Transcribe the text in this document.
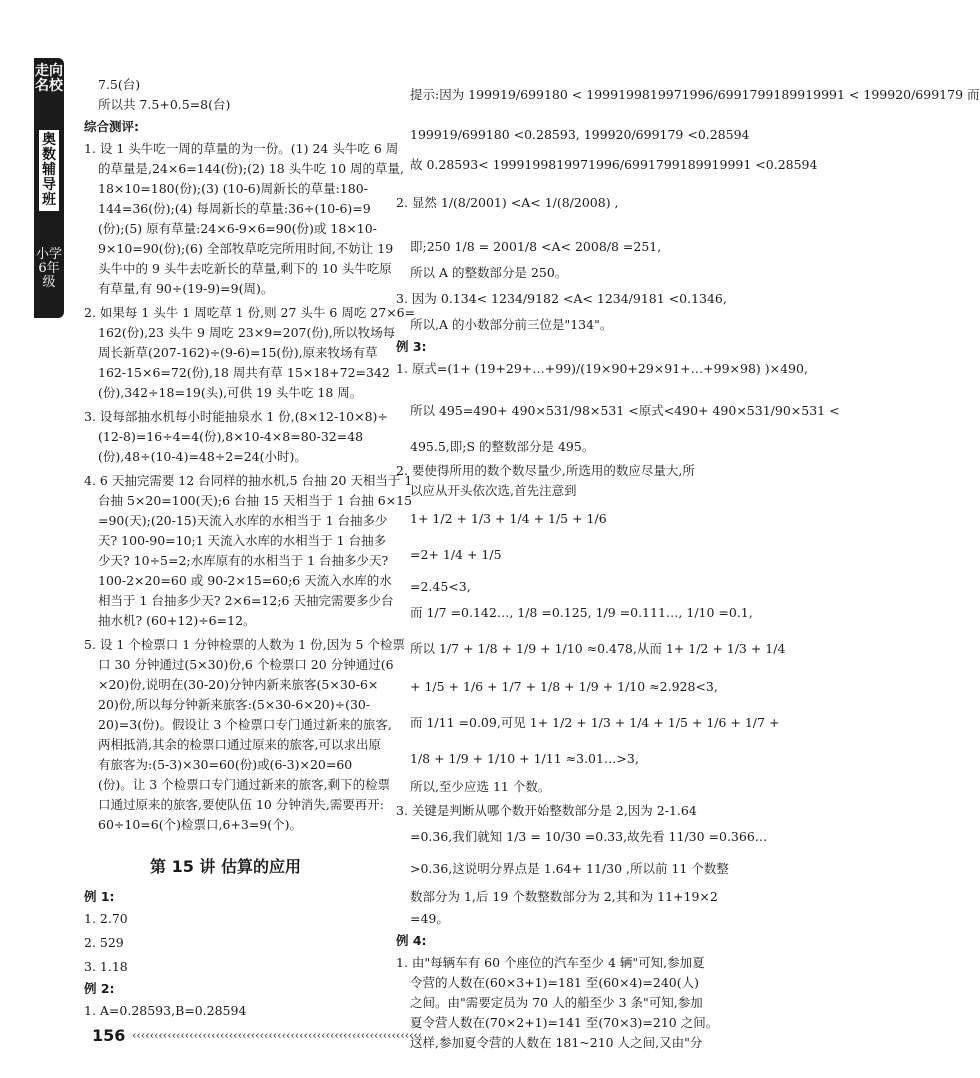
走向名校
奥数辅导班
小学6年级
7.5(台)
所以共 7.5+0.5=8(台)
综合测评:
1. 设 1 头牛吃一周的草量的为一份。(1) 24 头牛吃 6 周
的草量是,24×6=144(份);(2) 18 头牛吃 10 周的草量,
18×10=180(份);(3) (10-6)周新长的草量:180-
144=36(份);(4) 每周新长的草量:36÷(10-6)=9
(份);(5) 原有草量:24×6-9×6=90(份)或 18×10-
9×10=90(份);(6) 全部牧草吃完所用时间,不妨让 19
头牛中的 9 头牛去吃新长的草量,剩下的 10 头牛吃原
有草量,有 90÷(19-9)=9(周)。
2. 如果每 1 头牛 1 周吃草 1 份,则 27 头牛 6 周吃 27×6=
162(份),23 头牛 9 周吃 23×9=207(份),所以牧场每
周长新草(207-162)÷(9-6)=15(份),原来牧场有草
162-15×6=72(份),18 周共有草 15×18+72=342
(份),342÷18=19(头),可供 19 头牛吃 18 周。
3. 设每部抽水机每小时能抽泉水 1 份,(8×12-10×8)÷
(12-8)=16÷4=4(份),8×10-4×8=80-32=48
(份),48÷(10-4)=48÷2=24(小时)。
4. 6 天抽完需要 12 台同样的抽水机,5 台抽 20 天相当于 1
台抽 5×20=100(天);6 台抽 15 天相当于 1 台抽 6×15
=90(天);(20-15)天流入水库的水相当于 1 台抽多少
天? 100-90=10;1 天流入水库的水相当于 1 台抽多
少天? 10÷5=2;水库原有的水相当于 1 台抽多少天?
100-2×20=60 或 90-2×15=60;6 天流入水库的水
相当于 1 台抽多少天? 2×6=12;6 天抽完需要多少台
抽水机? (60+12)÷6=12。
5. 设 1 个检票口 1 分钟检票的人数为 1 份,因为 5 个检票
口 30 分钟通过(5×30)份,6 个检票口 20 分钟通过(6
×20)份,说明在(30-20)分钟内新来旅客(5×30-6×
20)份,所以每分钟新来旅客:(5×30-6×20)÷(30-
20)=3(份)。假设让 3 个检票口专门通过新来的旅客,
两相抵消,其余的检票口通过原来的旅客,可以求出原
有旅客为:(5-3)×30=60(份)或(6-3)×20=60
(份)。让 3 个检票口专门通过新来的旅客,剩下的检票
口通过原来的旅客,要使队伍 10 分钟消失,需要再开:
60÷10=6(个)检票口,6+3=9(个)。
例 1:
1. 2.70
2. 529
3. 1.18
例 2:
1. A=0.28593,B=0.28594
提示:因为 199919/699180 < 1999199819971996/6991799189919991 < 199920/699179 而
199919/699180 <0.28593, 199920/699179 <0.28594
故 0.28593< 1999199819971996/6991799189919991 <0.28594
2. 显然 1/(8/2001) <A< 1/(8/2008) ,
即;250 1/8 = 2001/8 <A< 2008/8 =251,
所以 A 的整数部分是 250。
3. 因为 0.134< 1234/9182 <A< 1234/9181 <0.1346,
所以,A 的小数部分前三位是"134"。
例 3:
1. 原式=(1+ (19+29+…+99)/(19×90+29×91+…+99×98) )×490,
所以 495=490+ 490×531/98×531 <原式<490+ 490×531/90×531 <
495.5,即;S 的整数部分是 495。
2. 要使得所用的数个数尽量少,所选用的数应尽量大,所
以应从开头依次选,首先注意到
1+ 1/2 + 1/3 + 1/4 + 1/5 + 1/6
=2+ 1/4 + 1/5
=2.45<3,
而 1/7 =0.142…, 1/8 =0.125, 1/9 =0.111…, 1/10 =0.1,
所以 1/7 + 1/8 + 1/9 + 1/10 ≈0.478,从而 1+ 1/2 + 1/3 + 1/4
+ 1/5 + 1/6 + 1/7 + 1/8 + 1/9 + 1/10 ≈2.928<3,
而 1/11 =0.0̇9̇,可见 1+ 1/2 + 1/3 + 1/4 + 1/5 + 1/6 + 1/7 +
1/8 + 1/9 + 1/10 + 1/11 ≈3.01…>3,
所以,至少应选 11 个数。
3. 关键是判断从哪个数开始整数部分是 2,因为 2-1.64
=0.36,我们就知 1/3 = 10/30 =0.33,故先看 11/30 =0.366…
>0.36,这说明分界点是 1.64+ 11/30 ,所以前 11 个数整
数部分为 1,后 19 个数整数部分为 2,其和为 11+19×2
=49。
例 4:
1. 由"每辆车有 60 个座位的汽车至少 4 辆"可知,参加夏
令营的人数在(60×3+1)=181 至(60×4)=240(人)
之间。由"需要定员为 70 人的船至少 3 条"可知,参加
夏令营人数在(70×2+1)=141 至(70×3)=210 之间。
这样,参加夏令营的人数在 181~210 人之间,又由"分
第 15 讲 估算的应用
156 ‹‹‹‹‹‹‹‹‹‹‹‹‹‹‹‹‹‹‹‹‹‹‹‹‹‹‹‹‹‹‹‹‹‹‹‹‹‹‹‹‹‹‹‹‹‹‹‹‹‹‹‹‹‹‹‹‹‹‹‹‹‹‹‹‹‹
